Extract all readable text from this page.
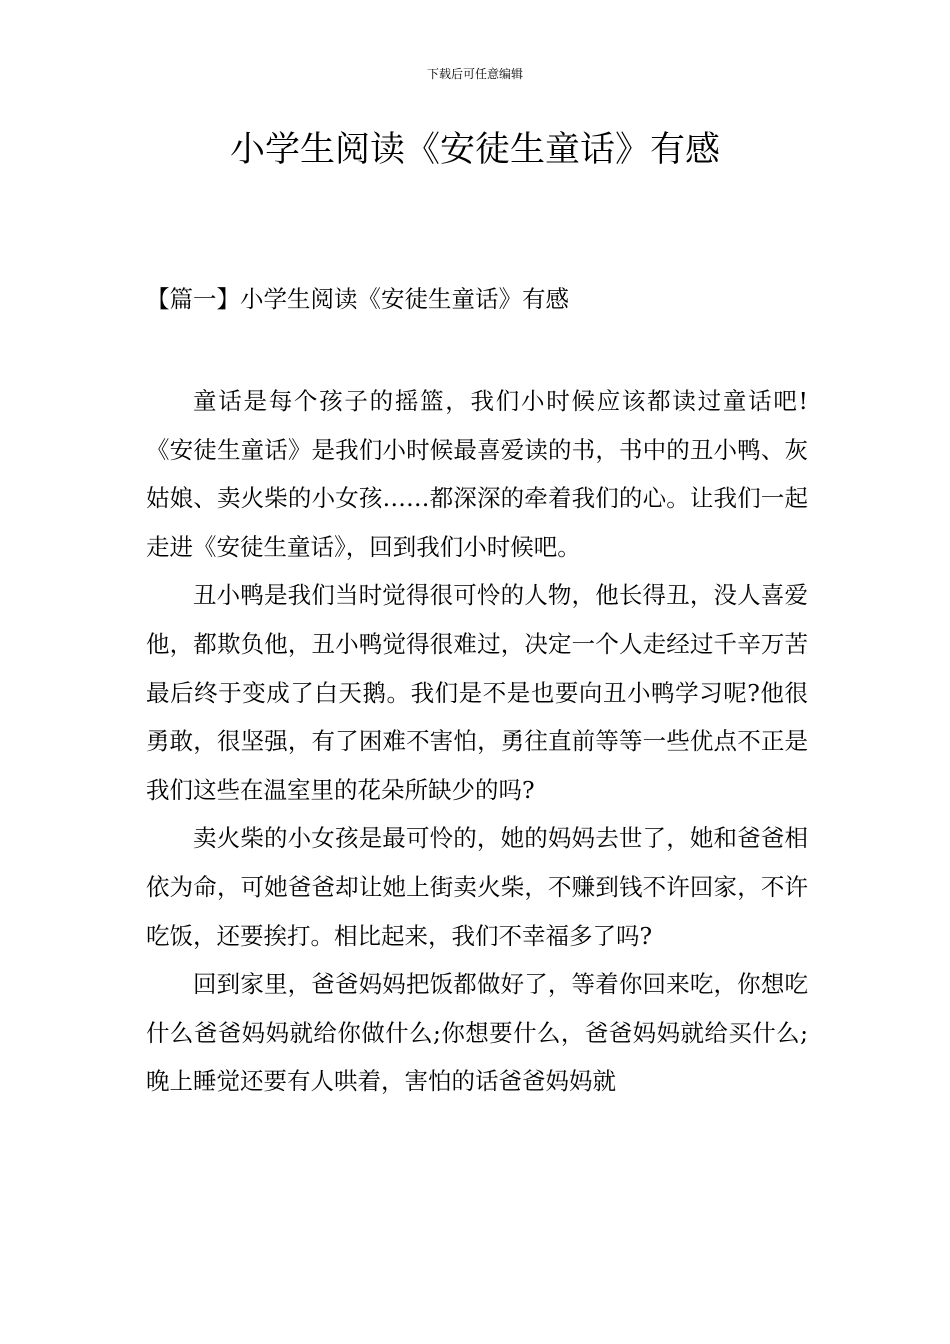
下载后可任意编辑
小学生阅读《安徒生童话》有感
【篇一】小学生阅读《安徒生童话》有感

童话是每个孩子的摇篮，我们小时候应该都读过童话吧!《安徒生童话》是我们小时候最喜爱读的书，书中的丑小鸭、灰姑娘、卖火柴的小女孩……都深深的牵着我们的心。让我们一起走进《安徒生童话》，回到我们小时候吧。

丑小鸭是我们当时觉得很可怜的人物，他长得丑，没人喜爱他，都欺负他，丑小鸭觉得很难过，决定一个人走经过千辛万苦最后终于变成了白天鹅。我们是不是也要向丑小鸭学习呢?他很勇敢，很坚强，有了困难不害怕，勇往直前等等一些优点不正是我们这些在温室里的花朵所缺少的吗?

卖火柴的小女孩是最可怜的，她的妈妈去世了，她和爸爸相依为命，可她爸爸却让她上街卖火柴，不赚到钱不许回家，不许吃饭，还要挨打。相比起来，我们不幸福多了吗?

回到家里，爸爸妈妈把饭都做好了，等着你回来吃，你想吃什么爸爸妈妈就给你做什么;你想要什么，爸爸妈妈就给买什么;晚上睡觉还要有人哄着，害怕的话爸爸妈妈就
